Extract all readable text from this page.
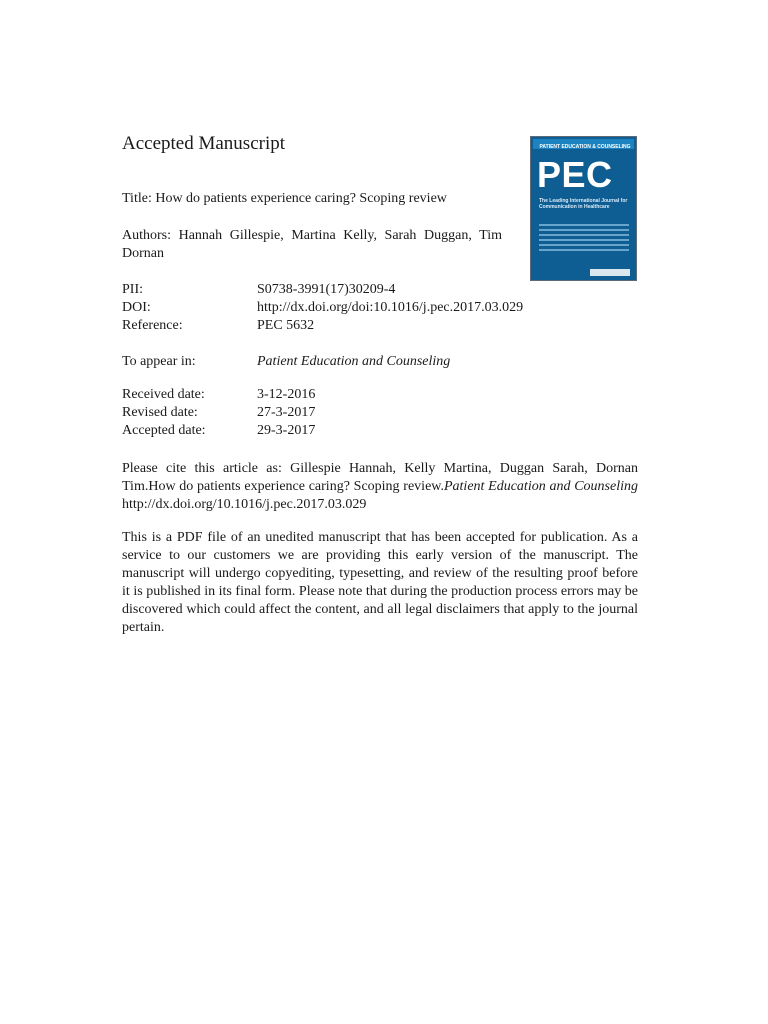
Accepted Manuscript	PATIENT EDUCATION & COUNSELING
PEC
The Leading International Journal for Communication in Healthcare
Title: How do patients experience caring? Scoping review
Authors: Hannah Gillespie, Martina Kelly, Sarah Duggan, Tim Dornan
PII:	S0738-3991(17)30209-4
DOI:	http://dx.doi.org/doi:10.1016/j.pec.2017.03.029
Reference:	PEC 5632
To appear in:	Patient Education and Counseling
Received date:	3-12-2016
Revised date:	27-3-2017
Accepted date:	29-3-2017
Please cite this article as: Gillespie Hannah, Kelly Martina, Duggan Sarah, Dornan Tim.How do patients experience caring? Scoping review.Patient Education and Counseling http://dx.doi.org/10.1016/j.pec.2017.03.029
This is a PDF file of an unedited manuscript that has been accepted for publication. As a service to our customers we are providing this early version of the manuscript. The manuscript will undergo copyediting, typesetting, and review of the resulting proof before it is published in its final form. Please note that during the production process errors may be discovered which could affect the content, and all legal disclaimers that apply to the journal pertain.
